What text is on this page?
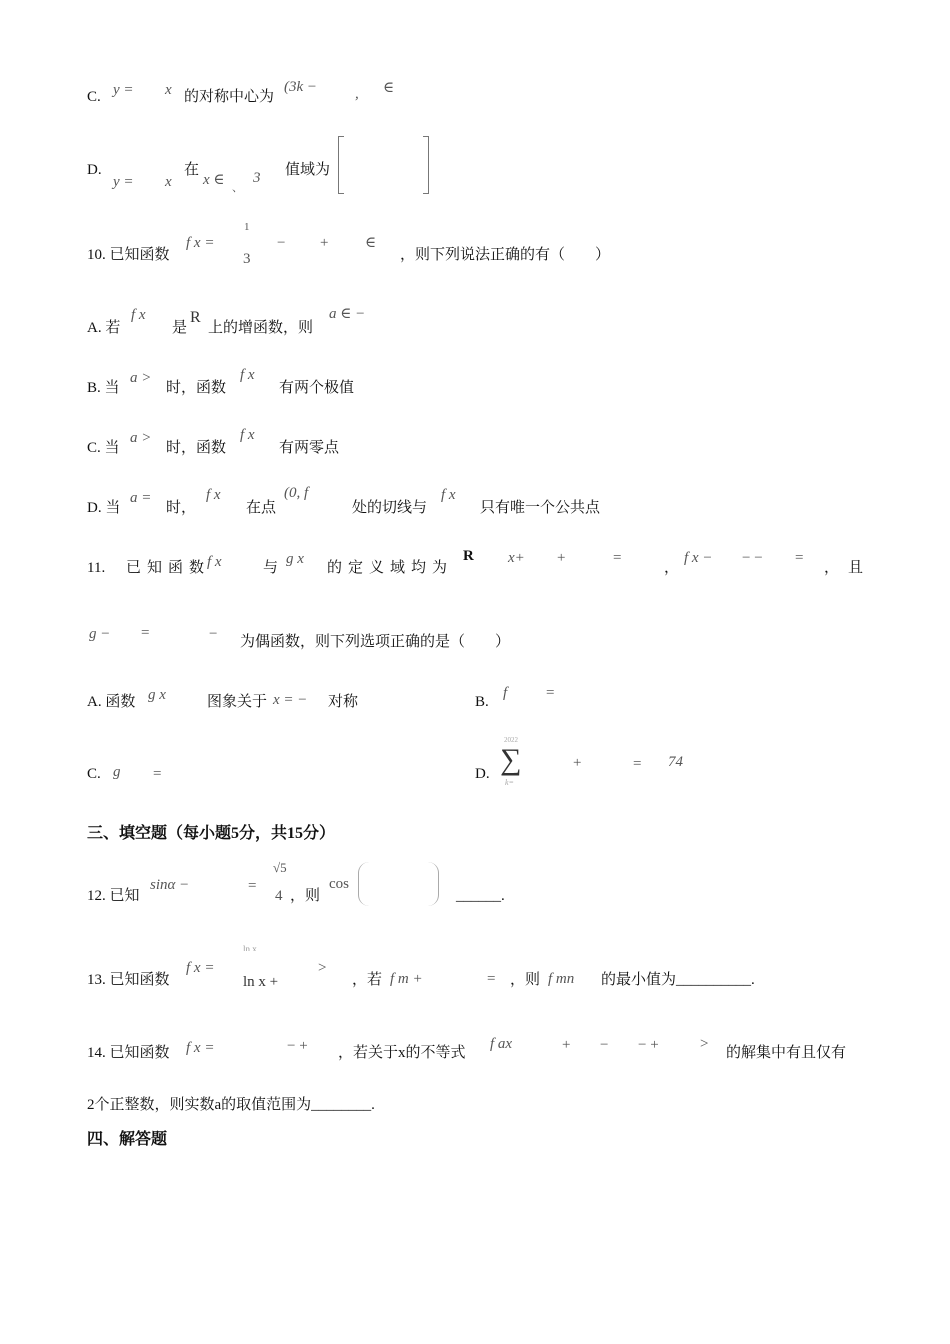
C. y = x 的对称中心为
(3k −	, ∈
D.
y = x
在
x ∈ 、
3 值域为
10. 已知函数
f x =
1
3
− + ∈
，则下列说法正确的有（　　）
A. 若
f x
是
R
上的增函数，则
a ∈ −
B. 当
a >
时，函数
f x
有两个极值
C. 当
a >
时，函数
f x
有两零点
D. 当
a =
时，
f x
在点
(0, f
处的切线与
f x
只有唯一个公共点
11. 已知函数
f x	与
g x
的定义域均为
R x+ +	=
，
f x − − − =
， 且
g − =	− 为偶函数，则下列选项正确的是（　　）
A. 函数 g x	图象关于 x = − 对称	B.
f	=
C. g =	D.
2022
∑
k=
+	= 74
三、填空题（每小题5分，共15分）
12. 已知
sinα −	=
√5
4 ，则
cos
______.
13. 已知函数
f x =
ln x
ln x +
>
，若 f m +	= ，则 f mn 的最小值为__________.
14. 已知函数 f x =	− + ，若关于x的不等式
f ax	+ − − +	>
的解集中有且仅有
2个正整数，则实数a的取值范围为________.
四、解答题
